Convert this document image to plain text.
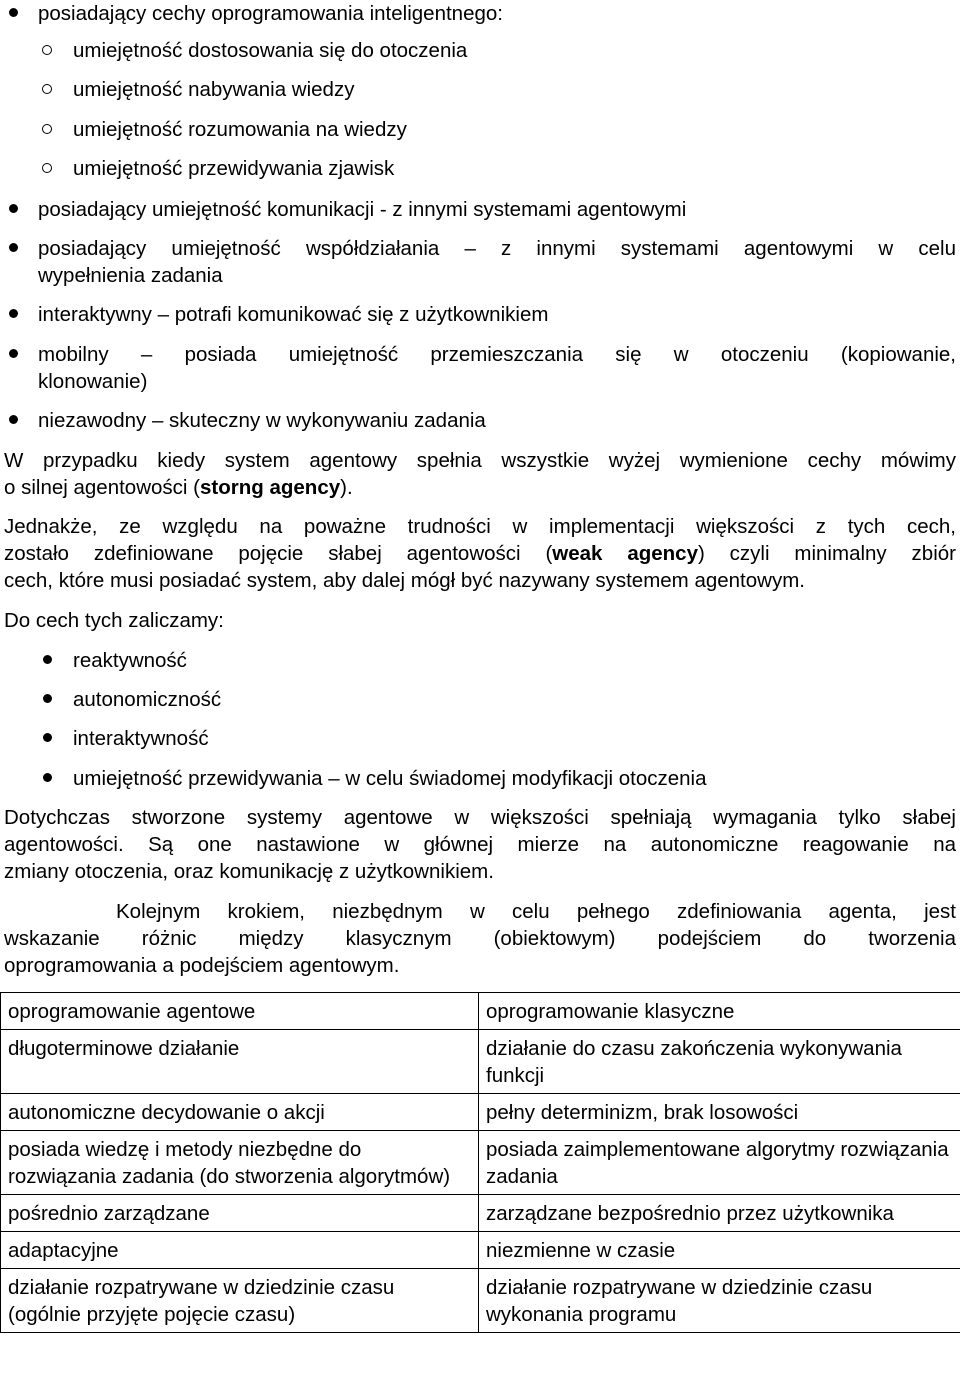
posiadający cechy oprogramowania inteligentnego:
umiejętność dostosowania się do otoczenia
umiejętność nabywania wiedzy
umiejętność rozumowania na wiedzy
umiejętność przewidywania zjawisk
posiadający umiejętność komunikacji - z innymi systemami agentowymi
posiadający umiejętność współdziałania – z innymi systemami agentowymi w celu
wypełnienia zadania
interaktywny – potrafi komunikować się z użytkownikiem
mobilny – posiada umiejętność przemieszczania się w otoczeniu (kopiowanie,
klonowanie)
niezawodny – skuteczny w wykonywaniu zadania
W przypadku kiedy system agentowy spełnia wszystkie wyżej wymienione cechy mówimy
o silnej agentowości (storng agency).
Jednakże, ze względu na poważne trudności w implementacji większości z tych cech,
zostało zdefiniowane pojęcie słabej agentowości (weak agency) czyli minimalny zbiór
cech, które musi posiadać system, aby dalej mógł być nazywany systemem agentowym.
Do cech tych zaliczamy:
reaktywność
autonomiczność
interaktywność
umiejętność przewidywania – w celu świadomej modyfikacji otoczenia
Dotychczas stworzone systemy agentowe w większości spełniają wymagania tylko słabej
agentowości. Są one nastawione w głównej mierze na autonomiczne reagowanie na
zmiany otoczenia, oraz komunikację z użytkownikiem.
Kolejnym krokiem, niezbędnym w celu pełnego zdefiniowania agenta, jest
wskazanie różnic między klasycznym (obiektowym) podejściem do tworzenia
oprogramowania a podejściem agentowym.
oprogramowanie agentowe	oprogramowanie klasyczne
długoterminowe działanie	działanie do czasu zakończenia wykonywania funkcji
autonomiczne decydowanie o akcji	pełny determinizm, brak losowości
posiada wiedzę i metody niezbędne do rozwiązania zadania (do stworzenia algorytmów)	posiada zaimplementowane algorytmy rozwiązania zadania
pośrednio zarządzane	zarządzane bezpośrednio przez użytkownika
adaptacyjne	niezmienne w czasie
działanie rozpatrywane w dziedzinie czasu (ogólnie przyjęte pojęcie czasu)	działanie rozpatrywane w dziedzinie czasu wykonania programu
